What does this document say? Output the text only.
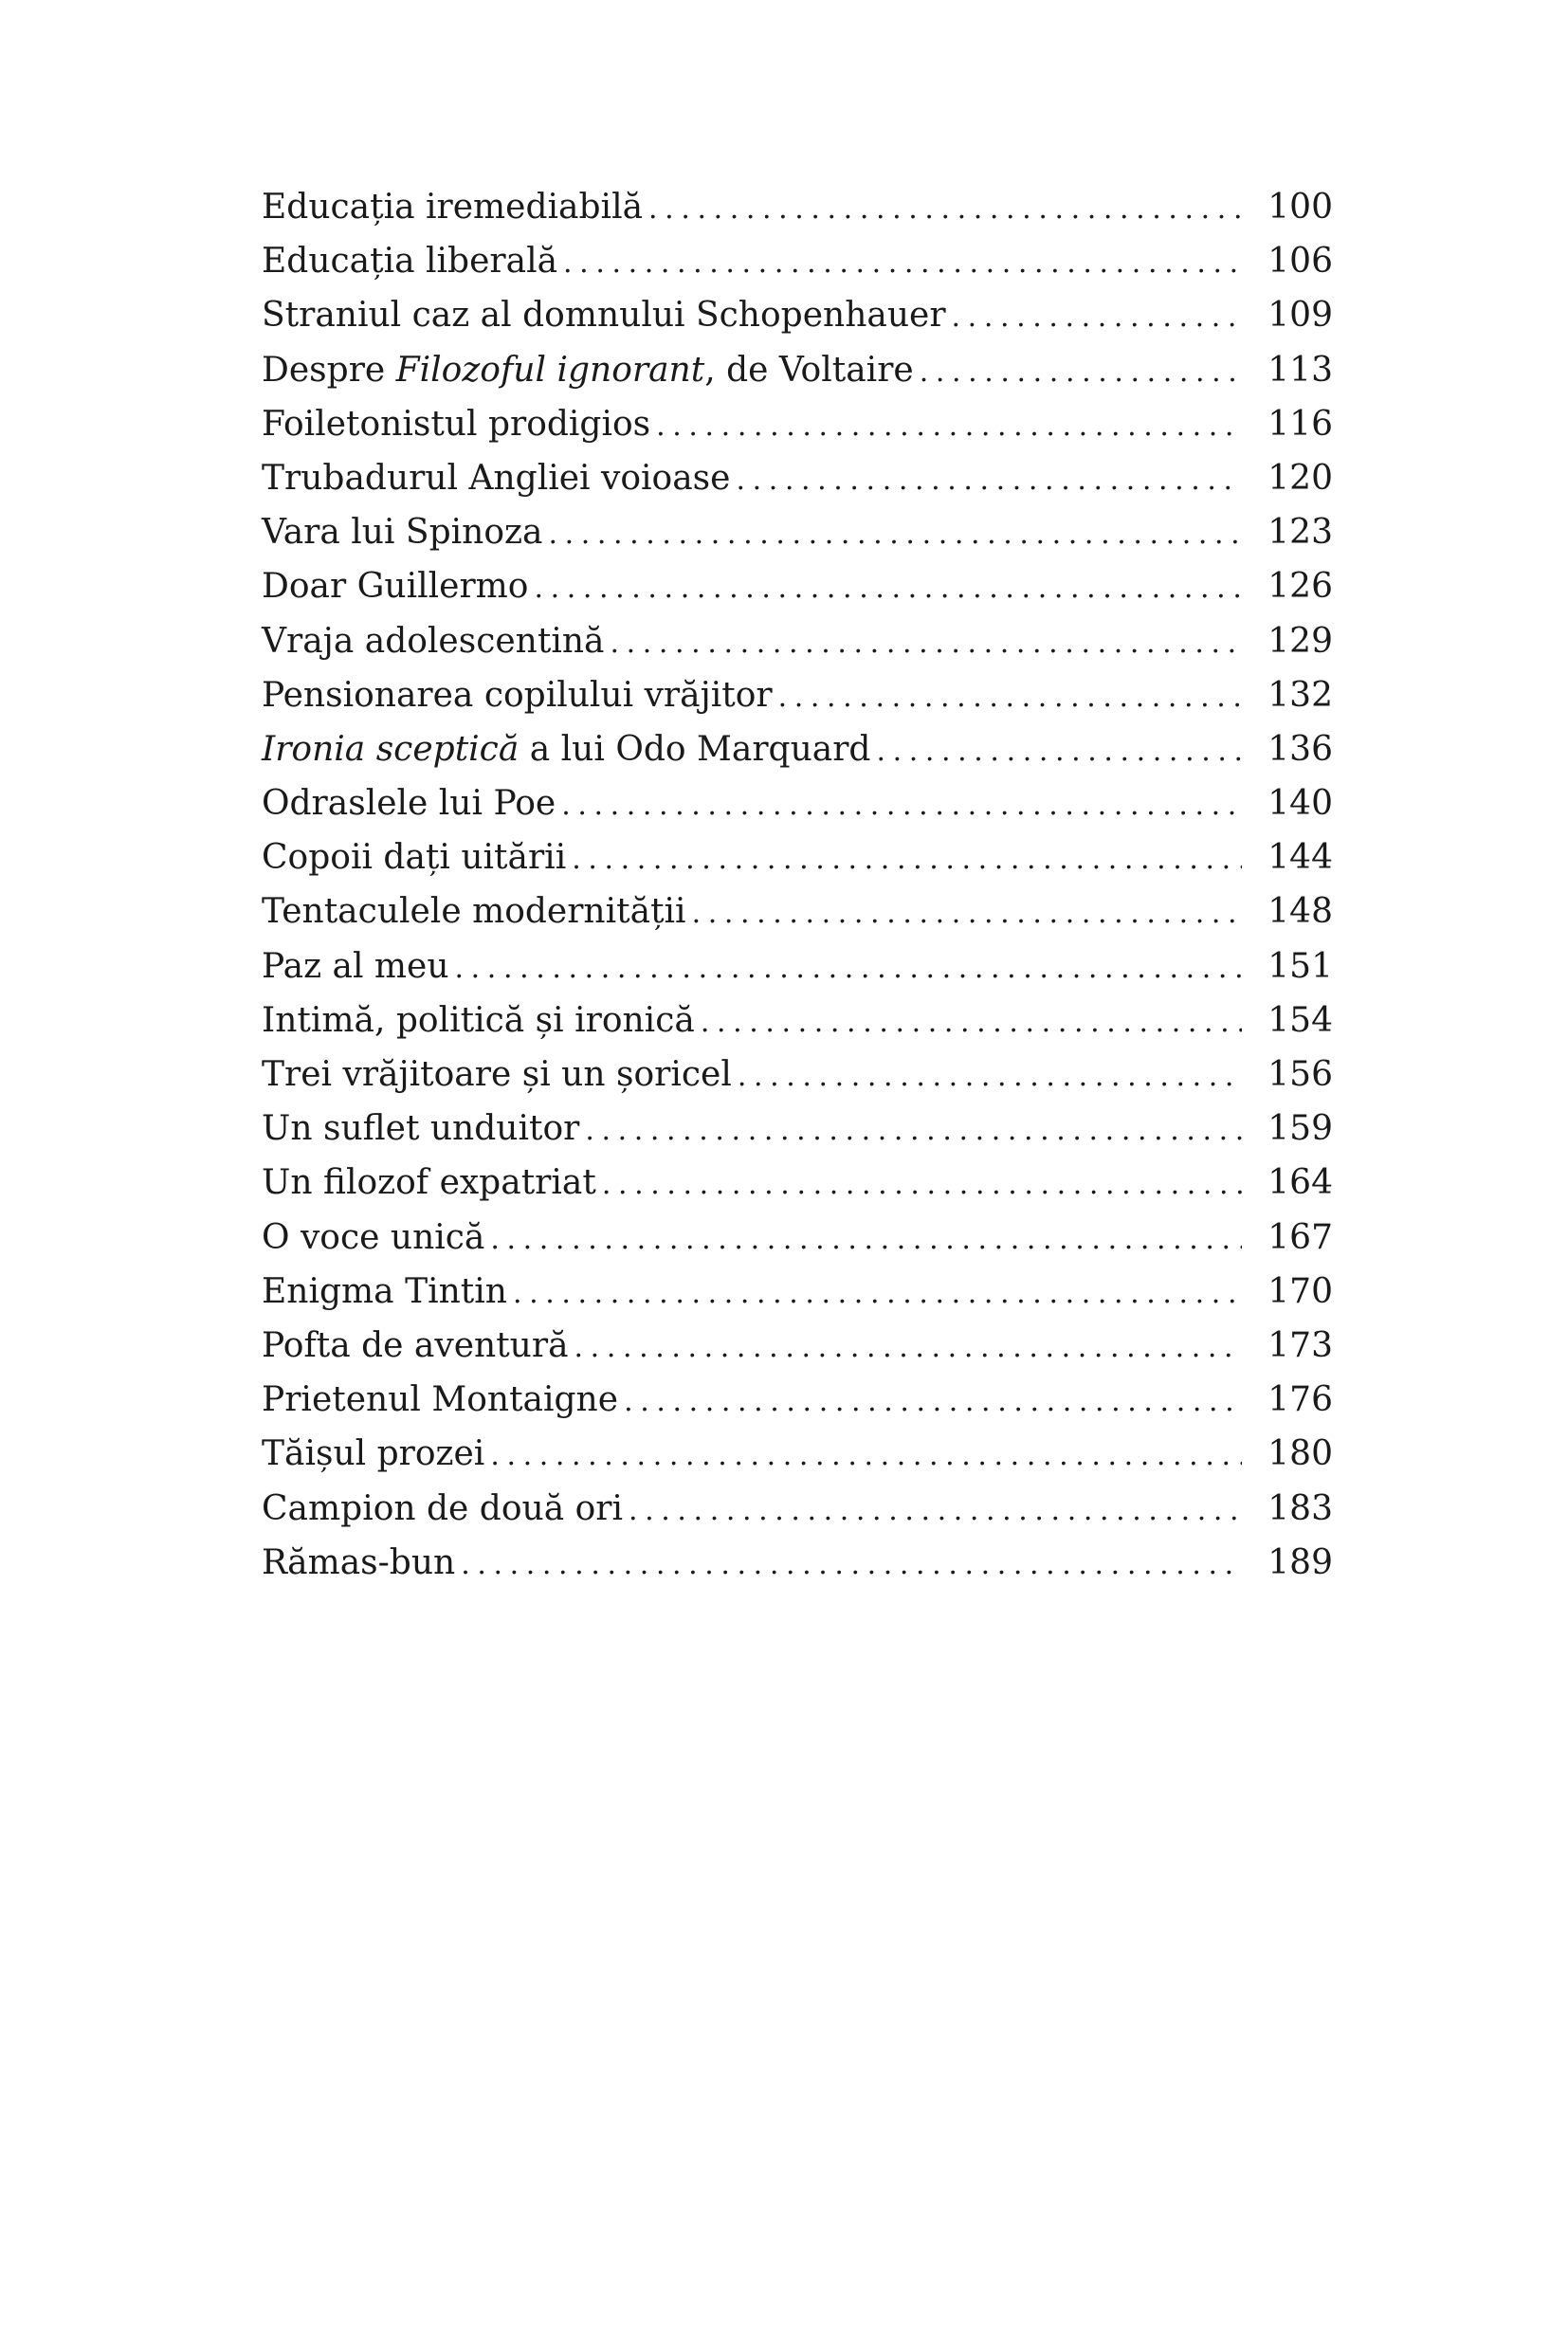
Educația iremediabilă .....	100
Educația liberală .....	106
Straniul caz al domnului Schopenhauer .....	109
Despre Filozoful ignorant, de Voltaire .....	113
Foiletonistul prodigios .....	116
Trubadurul Angliei voioase .....	120
Vara lui Spinoza .....	123
Doar Guillermo .....	126
Vraja adolescentină .....	129
Pensionarea copilului vrăjitor .....	132
Ironia sceptică a lui Odo Marquard .....	136
Odraslele lui Poe .....	140
Copoii dați uitării .....	144
Tentaculele modernității .....	148
Paz al meu .....	151
Intimă, politică și ironică .....	154
Trei vrăjitoare și un șoricel .....	156
Un suflet unduitor .....	159
Un filozof expatriat .....	164
O voce unică .....	167
Enigma Tintin .....	170
Pofta de aventură .....	173
Prietenul Montaigne .....	176
Tăișul prozei .....	180
Campion de două ori .....	183
Rămas-bun .....	189
